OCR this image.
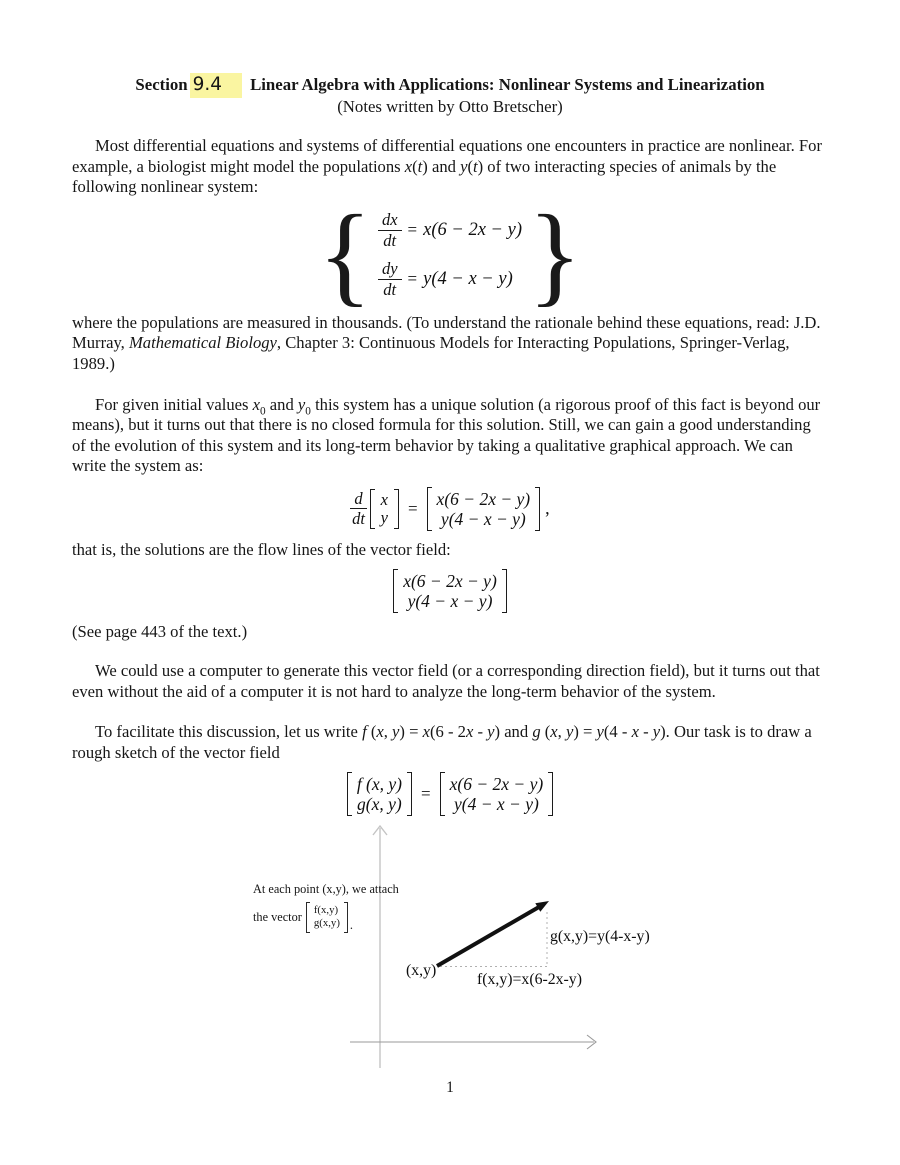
Section 9.4 Linear Algebra with Applications: Nonlinear Systems and Linearization
(Notes written by Otto Bretscher)

Most differential equations and systems of differential equations one encounters in practice are nonlinear. For example, a biologist might model the populations x(t) and y(t) of two interacting species of animals by the following nonlinear system:

{ $\frac{dx}{dt} = x(6 - 2x - y)$
$\frac{dy}{dt} = y(4 - x - y)$ }

where the populations are measured in thousands. (To understand the rationale behind these equations, read: J.D. Murray, Mathematical Biology, Chapter 3: Continuous Models for Interacting Populations, Springer-Verlag, 1989.)

For given initial values $x_0$ and $y_0$ this system has a unique solution (a rigorous proof of this fact is beyond our means), but it turns out that there is no closed formula for this solution. Still, we can gain a good understanding of the evolution of this system and its long-term behavior by taking a qualitative graphical approach. We can write the system as:

$\frac{d}{dt}$ x
y = x(6 − 2x − y)
y(4 − x − y)
,

that is, the solutions are the flow lines of the vector field:

x(6 − 2x − y)
y(4 − x − y)

(See page 443 of the text.)

We could use a computer to generate this vector field (or a corresponding direction field), but it turns out that even without the aid of a computer it is not hard to analyze the long-term behavior of the system.

To facilitate this discussion, let us write f (x, y) = x(6 - 2x - y) and g (x, y) = y(4 - x - y). Our task is to draw a rough sketch of the vector field

f (x, y)
g(x, y)
= x(6 − 2x − y)
y(4 − x − y)
At each point (x,y), we attach
the vector f(x,y)
g(x,y) .
(x,y)
f(x,y)=x(6-2x-y)
g(x,y)=y(4-x-y)
1
